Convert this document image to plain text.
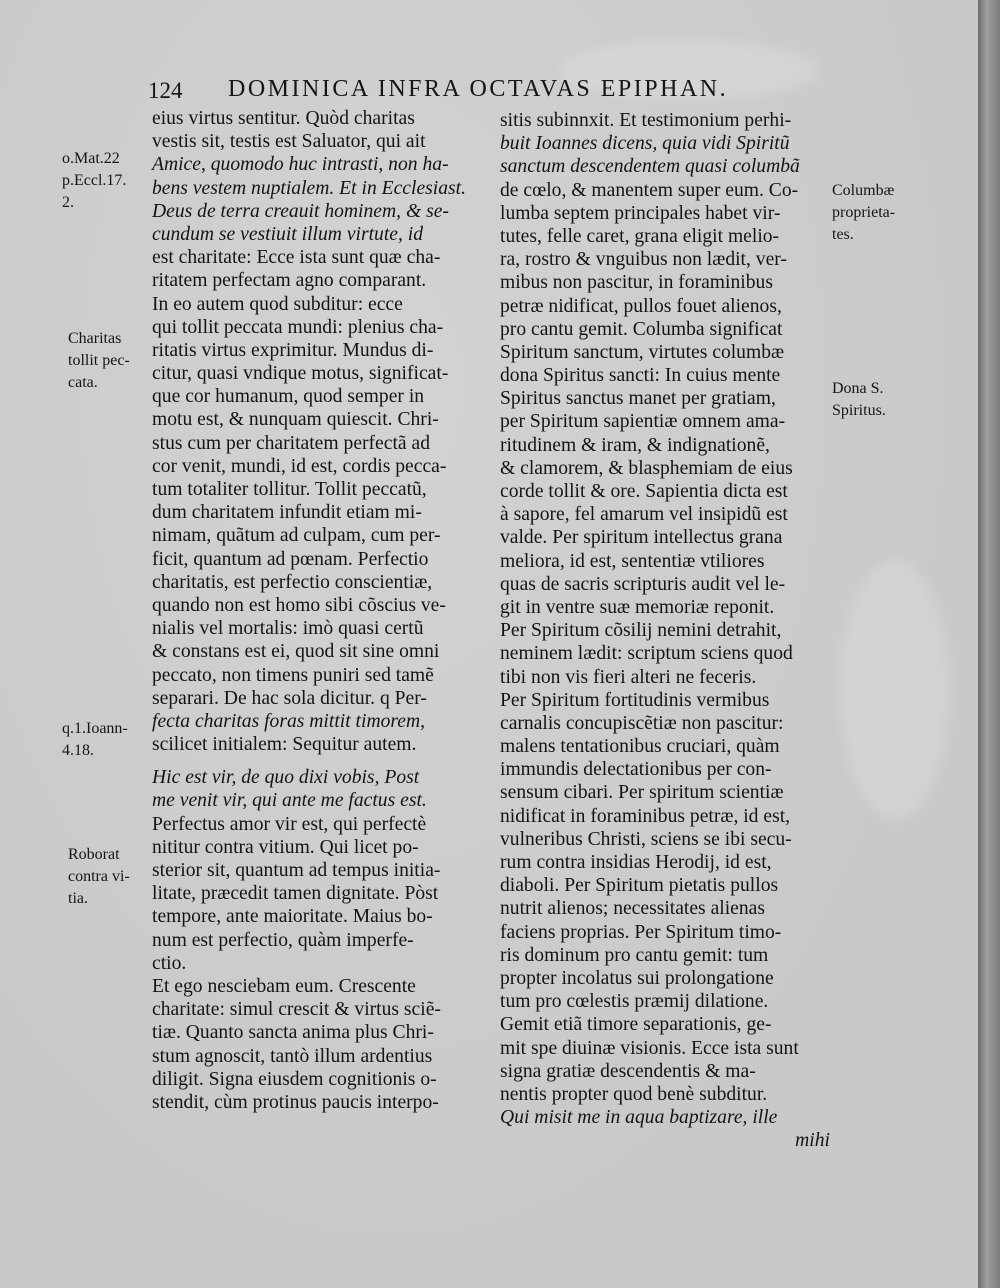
124 DOMINICA INFRA OCTAVAS EPIPHAN.
eius virtus sentitur. Quòd charitas
vestis sit, testis est Saluator, qui ait
Amice, quomodo huc intrasti, non ha-
bens vestem nuptialem. Et in Ecclesiast.
Deus de terra creauit hominem, & se-
cundum se vestiuit illum virtute, id
est charitate: Ecce ista sunt quæ cha-
ritatem perfectam agno comparant.
In eo autem quod subditur: ecce
qui tollit peccata mundi: plenius cha-
ritatis virtus exprimitur. Mundus di-
citur, quasi vndique motus, significat-
que cor humanum, quod semper in
motu est, & nunquam quiescit. Chri-
stus cum per charitatem perfectã ad
cor venit, mundi, id est, cordis pecca-
tum totaliter tollitur. Tollit peccatũ,
dum charitatem infundit etiam mi-
nimam, quãtum ad culpam, cum per-
ficit, quantum ad pœnam. Perfectio
charitatis, est perfectio conscientiæ,
quando non est homo sibi cõscius ve-
nialis vel mortalis: imò quasi certũ
& constans est ei, quod sit sine omni
peccato, non timens puniri sed tamẽ
separari. De hac sola dicitur. q Per-
fecta charitas foras mittit timorem,
scilicet initialem: Sequitur autem.
Hic est vir, de quo dixi vobis, Post
me venit vir, qui ante me factus est.
Perfectus amor vir est, qui perfectè
nititur contra vitium. Qui licet po-
sterior sit, quantum ad tempus initia-
litate, præcedit tamen dignitate. Pòst
tempore, ante maioritate. Maius bo-
num est perfectio, quàm imperfe-
ctio.
Et ego nesciebam eum. Crescente
charitate: simul crescit & virtus sciẽ-
tiæ. Quanto sancta anima plus Chri-
stum agnoscit, tantò illum ardentius
diligit. Signa eiusdem cognitionis o-
stendit, cùm protinus paucis interpo-
sitis subinnxit. Et testimonium perhi-
buit Ioannes dicens, quia vidi Spiritũ
sanctum descendentem quasi columbã
de cœlo, & manentem super eum. Co-
lumba septem principales habet vir-
tutes, felle caret, grana eligit melio-
ra, rostro & vnguibus non lædit, ver-
mibus non pascitur, in foraminibus
petræ nidificat, pullos fouet alienos,
pro cantu gemit. Columba significat
Spiritum sanctum, virtutes columbæ
dona Spiritus sancti: In cuius mente
Spiritus sanctus manet per gratiam,
per Spiritum sapientiæ omnem ama-
ritudinem & iram, & indignationẽ,
& clamorem, & blasphemiam de eius
corde tollit & ore. Sapientia dicta est
à sapore, fel amarum vel insipidũ est
valde. Per spiritum intellectus grana
meliora, id est, sententiæ vtiliores
quas de sacris scripturis audit vel le-
git in ventre suæ memoriæ reponit.
Per Spiritum cõsilij nemini detrahit,
neminem lædit: scriptum sciens quod
tibi non vis fieri alteri ne feceris.
Per Spiritum fortitudinis vermibus
carnalis concupiscẽtiæ non pascitur:
malens tentationibus cruciari, quàm
immundis delectationibus per con-
sensum cibari. Per spiritum scientiæ
nidificat in foraminibus petræ, id est,
vulneribus Christi, sciens se ibi secu-
rum contra insidias Herodij, id est,
diaboli. Per Spiritum pietatis pullos
nutrit alienos; necessitates alienas
faciens proprias. Per Spiritum timo-
ris dominum pro cantu gemit: tum
propter incolatus sui prolongatione
tum pro cœlestis præmij dilatione.
Gemit etiã timore separationis, ge-
mit spe diuinæ visionis. Ecce ista sunt
signa gratiæ descendentis & ma-
nentis propter quod benè subditur.
Qui misit me in aqua baptizare, ille
mihi
o.Mat.22
p.Eccl.17.
2.
Charitas
tollit pec-
cata.
q.1.Ioann-
4.18.
Roborat
contra vi-
tia.
Columbæ
proprieta-
tes.
Dona S.
Spiritus.
